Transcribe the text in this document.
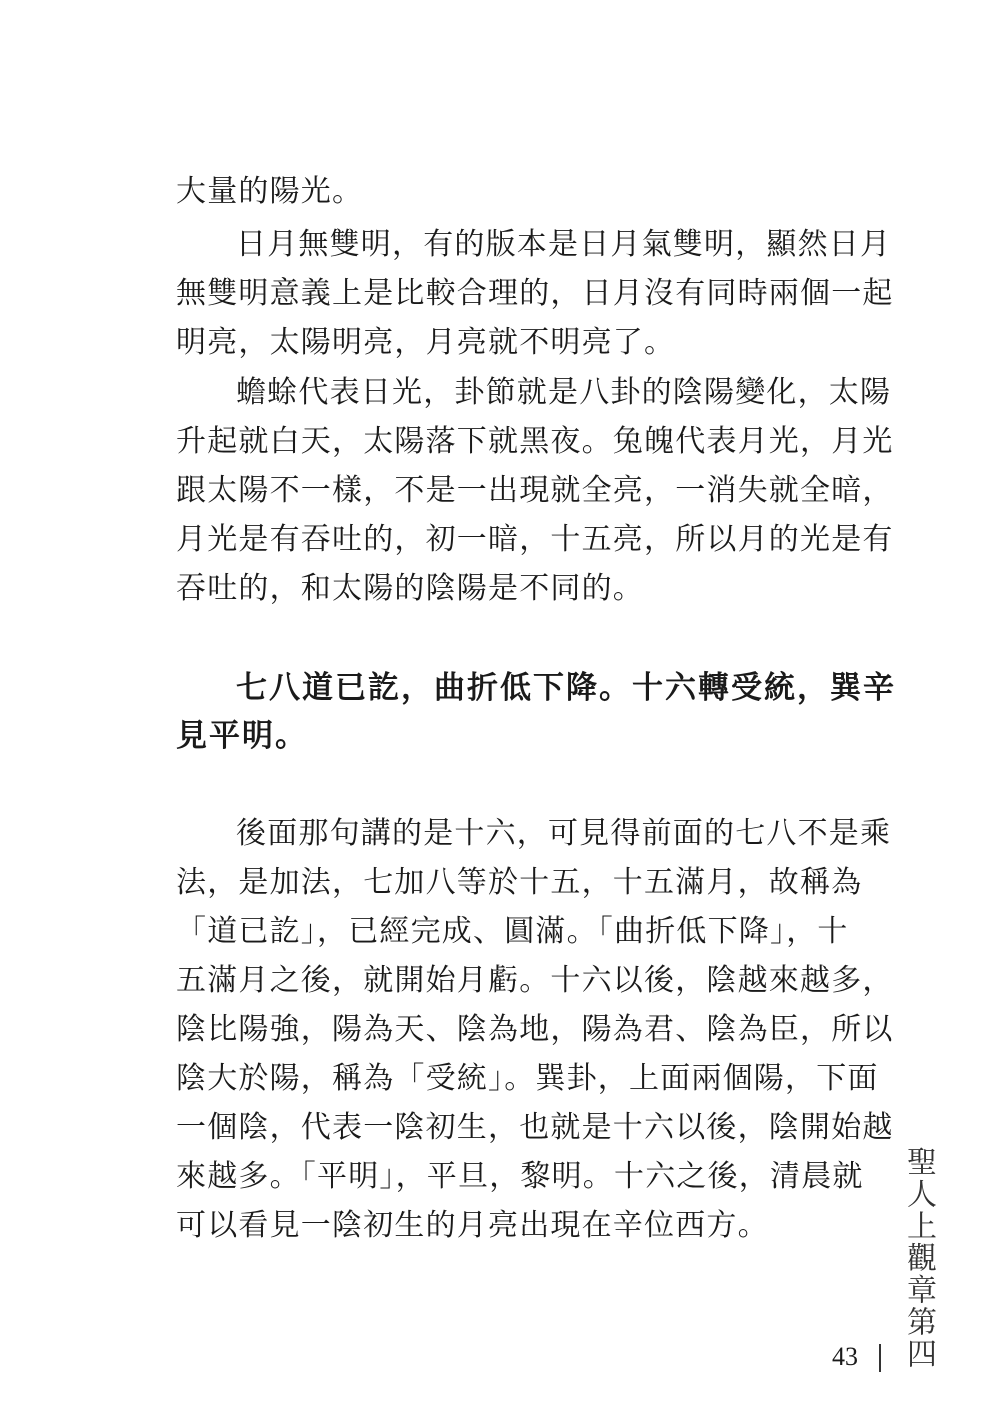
大量的陽光。
日月無雙明，有的版本是日月氣雙明，顯然日月
無雙明意義上是比較合理的，日月沒有同時兩個一起
明亮，太陽明亮，月亮就不明亮了。
蟾蜍代表日光，卦節就是八卦的陰陽變化，太陽
升起就白天，太陽落下就黑夜。兔魄代表月光，月光
跟太陽不一樣，不是一出現就全亮，一消失就全暗，
月光是有吞吐的，初一暗，十五亮，所以月的光是有
吞吐的，和太陽的陰陽是不同的。
七八道已訖，曲折低下降。十六轉受統，巽辛
見平明。
後面那句講的是十六，可見得前面的七八不是乘
法，是加法，七加八等於十五，十五滿月，故稱為
「道已訖」，已經完成、圓滿。「曲折低下降」，十
五滿月之後，就開始月虧。十六以後，陰越來越多，
陰比陽強，陽為天、陰為地，陽為君、陰為臣，所以
陰大於陽，稱為「受統」。巽卦，上面兩個陽，下面
一個陰，代表一陰初生，也就是十六以後，陰開始越
來越多。「平明」，平旦，黎明。十六之後，清晨就
可以看見一陰初生的月亮出現在辛位西方。	聖人上觀章第四
43
